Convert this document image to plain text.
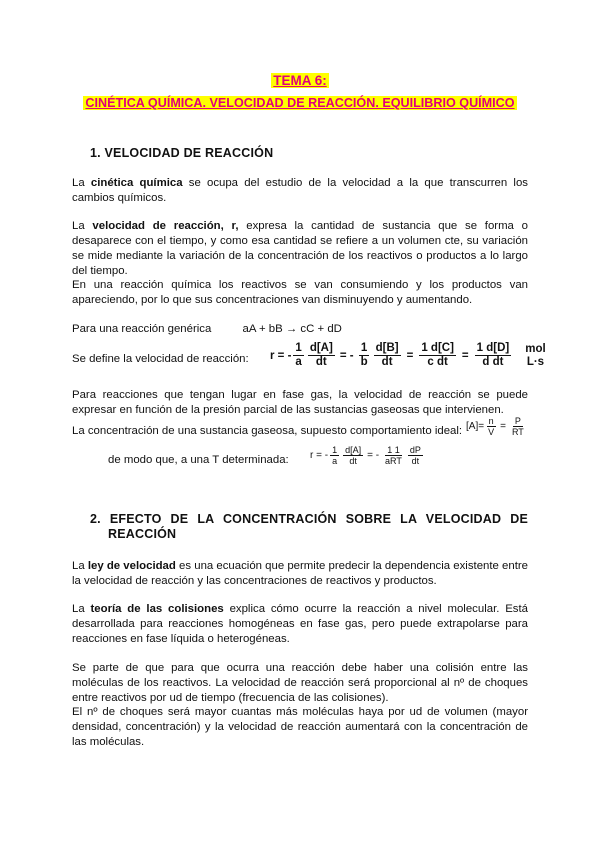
TEMA 6:
CINÉTICA QUÍMICA. VELOCIDAD DE REACCIÓN. EQUILIBRIO QUÍMICO
1. VELOCIDAD DE REACCIÓN
La cinética química se ocupa del estudio de la velocidad a la que transcurren los cambios químicos.
La velocidad de reacción, r, expresa la cantidad de sustancia que se forma o desaparece con el tiempo, y como esa cantidad se refiere a un volumen cte, su variación se mide mediante la variación de la concentración de los reactivos o productos a lo largo del tiempo.
En una reacción química los reactivos se van consumiendo y los productos van apareciendo, por lo que sus concentraciones van disminuyendo y aumentando.
Para una reacción genérica	aA + bB → cC + dD
Se define la velocidad de reacción:	r = - $\frac{1}{a} \frac{d[A]}{dt}$ = - $\frac{1}{b} \frac{d[B]}{dt} = \frac{1 d[C]}{\text{c dt}} = \frac{1 d[D]}{\text{d dt}}$ mol
L·s
Para reacciones que tengan lugar en fase gas, la velocidad de reacción se puede expresar en función de la presión parcial de las sustancias gaseosas que intervienen.
La concentración de una sustancia gaseosa, supuesto comportamiento ideal: $[A]= \frac{n}{V} = \frac{P}{RT}$
de modo que, a una T determinada:	r = - $\frac{1}{a} \frac{d[A]}{dt}$ = - $\frac{1 1}{\text{aRT}} \frac{dP}{dt}$
2. EFECTO DE LA CONCENTRACIÓN SOBRE LA VELOCIDAD DE
REACCIÓN
La ley de velocidad es una ecuación que permite predecir la dependencia existente entre la velocidad de reacción y las concentraciones de reactivos y productos.
La teoría de las colisiones explica cómo ocurre la reacción a nivel molecular. Está desarrollada para reacciones homogéneas en fase gas, pero puede extrapolarse para reacciones en fase líquida o heterogéneas.
Se parte de que para que ocurra una reacción debe haber una colisión entre las moléculas de los reactivos. La velocidad de reacción será proporcional al nº de choques entre reactivos por ud de tiempo (frecuencia de las colisiones).
El nº de choques será mayor cuantas más moléculas haya por ud de volumen (mayor densidad, concentración) y la velocidad de reacción aumentará con la concentración de las moléculas.
